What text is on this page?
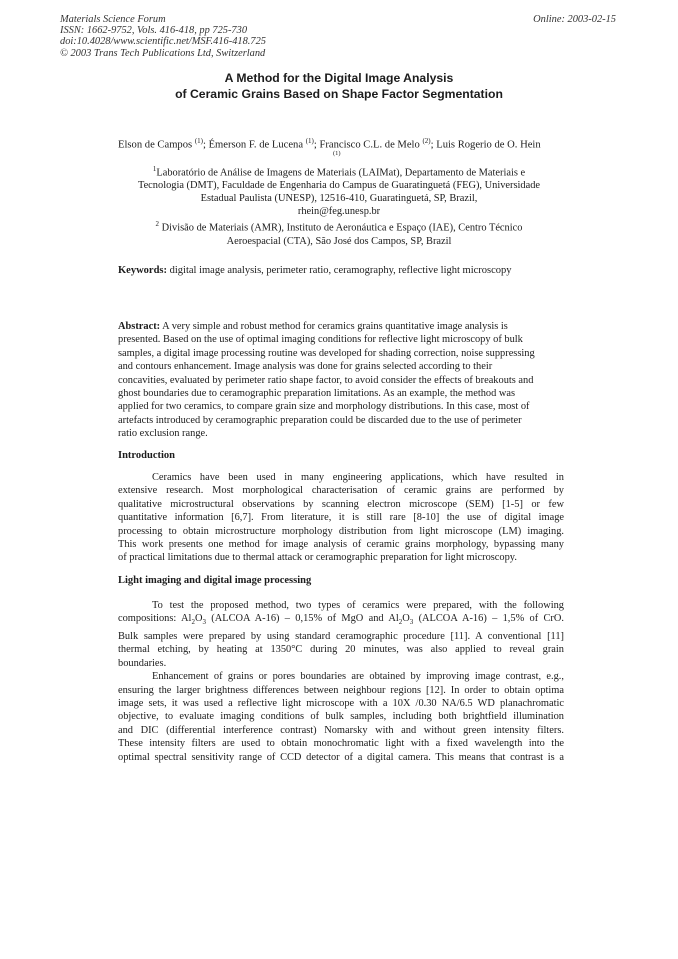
Materials Science Forum
ISSN: 1662-9752, Vols. 416-418, pp 725-730
doi:10.4028/www.scientific.net/MSF.416-418.725
© 2003 Trans Tech Publications Ltd, Switzerland
Online: 2003-02-15
A Method for the Digital Image Analysis
of Ceramic Grains Based on Shape Factor Segmentation
Elson de Campos $^{(1)}$; Émerson F. de Lucena $^{(1)}$; Francisco C.L. de Melo $^{(2)}$; Luis Rogerio de O. Hein
(1)
$^1$Laboratório de Análise de Imagens de Materiais (LAIMat), Departamento de Materiais e
Tecnologia (DMT), Faculdade de Engenharia do Campus de Guaratinguetá (FEG), Universidade
Estadual Paulista (UNESP), 12516-410, Guaratinguetá, SP, Brazil,
rhein@feg.unesp.br
$^2$ Divisão de Materiais (AMR), Instituto de Aeronáutica e Espaço (IAE), Centro Técnico
Aeroespacial (CTA), São José dos Campos, SP, Brazil
Keywords: digital image analysis, perimeter ratio, ceramography, reflective light microscopy
Abstract: A very simple and robust method for ceramics grains quantitative image analysis is
presented. Based on the use of optimal imaging conditions for reflective light microscopy of bulk
samples, a digital image processing routine was developed for shading correction, noise suppressing
and contours enhancement. Image analysis was done for grains selected according to their
concavities, evaluated by perimeter ratio shape factor, to avoid consider the effects of breakouts and
ghost boundaries due to ceramographic preparation limitations. As an example, the method was
applied for two ceramics, to compare grain size and morphology distributions. In this case, most of
artefacts introduced by ceramographic preparation could be discarded due to the use of perimeter
ratio exclusion range.
Introduction
Ceramics have been used in many engineering applications, which have resulted in
extensive research. Most morphological characterisation of ceramic grains are performed by
qualitative microstructural observations by scanning electron microscope (SEM) [1-5] or few
quantitative information [6,7]. From literature, it is still rare [8-10] the use of digital image
processing to obtain microstructure morphology distribution from light microscope (LM) imaging.
This work presents one method for image analysis of ceramic grains morphology, bypassing many
of practical limitations due to thermal attack or ceramographic preparation for light microscopy.
Light imaging and digital image processing
To test the proposed method, two types of ceramics were prepared, with the following
compositions: $Al_2O_3$ (ALCOA A-16) – 0,15% of MgO and $Al_2O_3$ (ALCOA A-16) – 1,5% of CrO.
Bulk samples were prepared by using standard ceramographic procedure [11]. A conventional [11]
thermal etching, by heating at 1350°C during 20 minutes, was also applied to reveal grain
boundaries.
Enhancement of grains or pores boundaries are obtained by improving image contrast, e.g.,
ensuring the larger brightness differences between neighbour regions [12]. In order to obtain optima
image sets, it was used a reflective light microscope with a 10X /0.30 NA/6.5 WD planachromatic
objective, to evaluate imaging conditions of bulk samples, including both brightfield illumination
and DIC (differential interference contrast) Nomarsky with and without green intensity filters.
These intensity filters are used to obtain monochromatic light with a fixed wavelength into the
optimal spectral sensitivity range of CCD detector of a digital camera. This means that contrast is a
